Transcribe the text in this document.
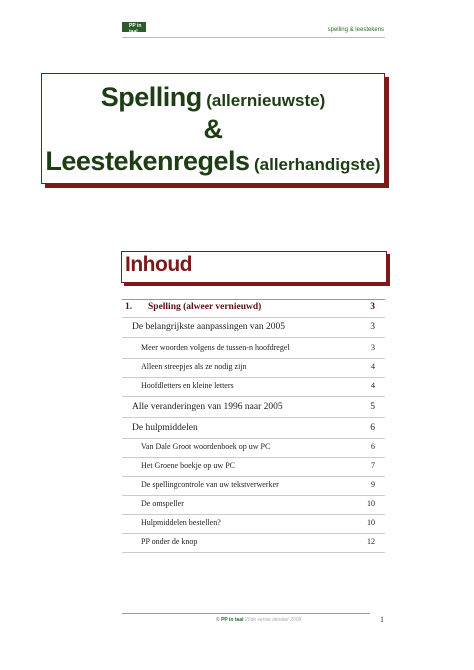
PP in taal	spelling & leestekens
Spelling (allernieuwste)
&
Leestekenregels (allerhandigste)
Inhoud
1. Spelling (alweer vernieuwd)	3
De belangrijkste aanpassingen van 2005	3
Meer woorden volgens de tussen-n hoofdregel	3
Alleen streepjes als ze nodig zijn	4
Hoofdletters en kleine letters	4
Alle veranderingen van 1996 naar 2005	5
De hulpmiddelen	6
Van Dale Groot woordenboek op uw PC	6
Het Groene boekje op uw PC	7
De spellingcontrole van uw tekstverwerker	9
De omspeller	10
Hulpmiddelen bestellen?	10
PP onder de knop	12
© PP in taal 20de versie oktober 2006	1
